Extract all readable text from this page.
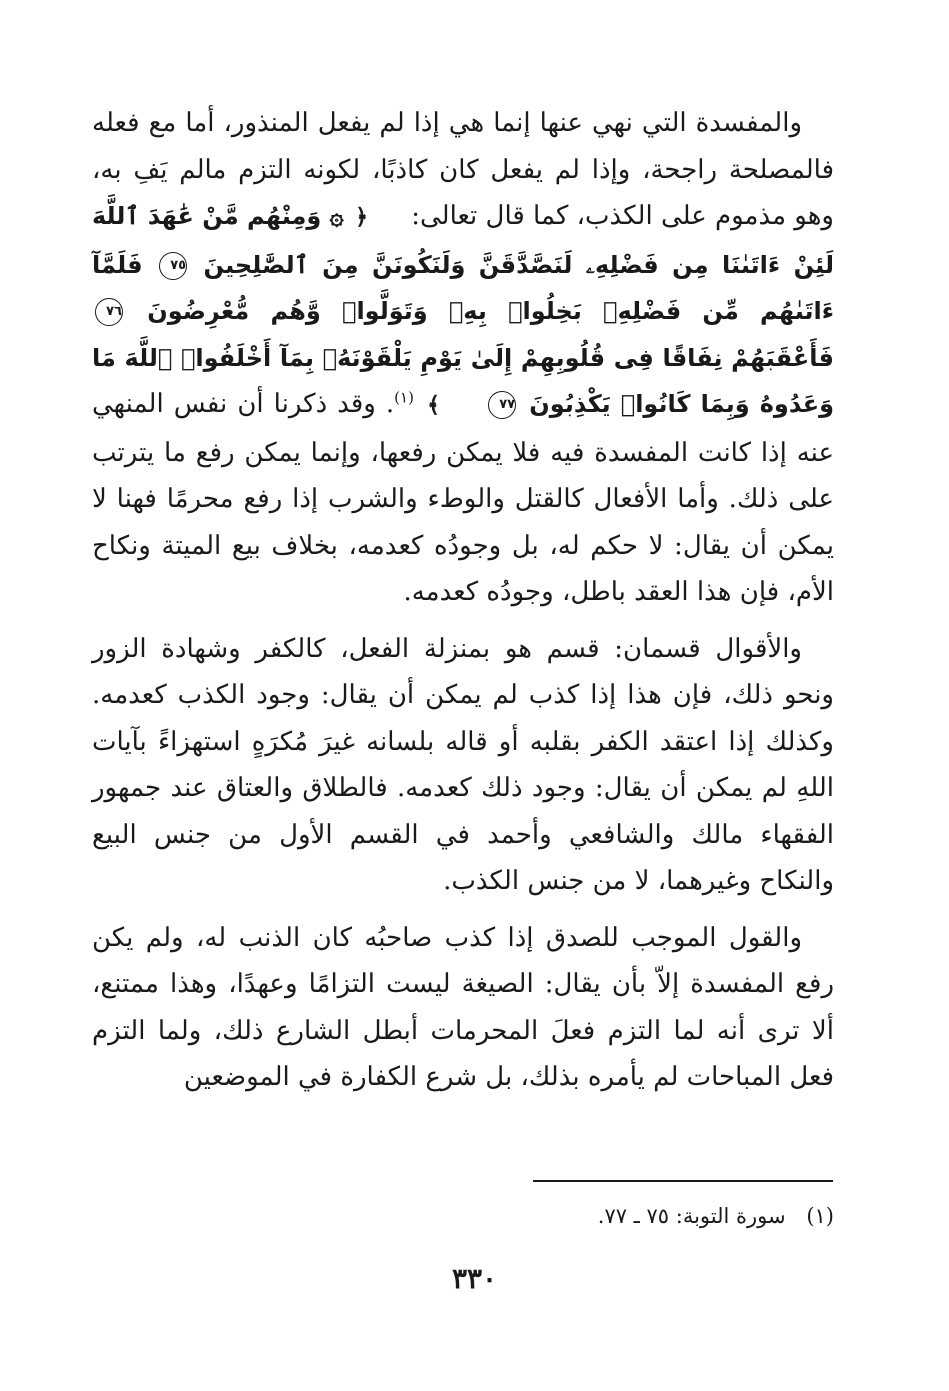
والمفسدة التي نهي عنها إنما هي إذا لم يفعل المنذور، أما مع فعله فالمصلحة راجحة، وإذا لم يفعل كان كاذبًا، لكونه التزم مالم يَفِ به، وهو مذموم على الكذب، كما قال تعالى: ﴿ ۞ وَمِنْهُم مَّنْ عَٰهَدَ ٱللَّهَ لَئِنْ ءَاتَىٰنَا مِن فَضْلِهِۦ لَنَصَّدَّقَنَّ وَلَنَكُونَنَّ مِنَ ٱلصَّٰلِحِينَ ٧٥ فَلَمَّآ ءَاتَىٰهُم مِّن فَضْلِهِۦ بَخِلُوا۟ بِهِۦ وَتَوَلَّوا۟ وَّهُم مُّعْرِضُونَ ٧٦ فَأَعْقَبَهُمْ نِفَاقًا فِى قُلُوبِهِمْ إِلَىٰ يَوْمِ يَلْقَوْنَهُۥ بِمَآ أَخْلَفُوا۟ ٱللَّهَ مَا وَعَدُوهُ وَبِمَا كَانُوا۟ يَكْذِبُونَ ٧٧ ﴾ $^{(١)}$. وقد ذكرنا أن نفس المنهي عنه إذا كانت المفسدة فيه فلا يمكن رفعها، وإنما يمكن رفع ما يترتب على ذلك. وأما الأفعال كالقتل والوطء والشرب إذا رفع محرمًا فهنا لا يمكن أن يقال: لا حكم له، بل وجودُه كعدمه، بخلاف بيع الميتة ونكاح الأم، فإن هذا العقد باطل، وجودُه كعدمه.

والأقوال قسمان: قسم هو بمنزلة الفعل، كالكفر وشهادة الزور ونحو ذلك، فإن هذا إذا كذب لم يمكن أن يقال: وجود الكذب كعدمه. وكذلك إذا اعتقد الكفر بقلبه أو قاله بلسانه غيرَ مُكرَهٍ استهزاءً بآيات اللهِ لم يمكن أن يقال: وجود ذلك كعدمه. فالطلاق والعتاق عند جمهور الفقهاء مالك والشافعي وأحمد في القسم الأول من جنس البيع والنكاح وغيرهما، لا من جنس الكذب.

والقول الموجب للصدق إذا كذب صاحبُه كان الذنب له، ولم يكن رفع المفسدة إلاّ بأن يقال: الصيغة ليست التزامًا وعهدًا، وهذا ممتنع، ألا ترى أنه لما التزم فعلَ المحرمات أبطل الشارع ذلك، ولما التزم فعل المباحات لم يأمره بذلك، بل شرع الكفارة في الموضعين

(١) سورة التوبة: ٧٥ ـ ٧٧.
٣٣٠
